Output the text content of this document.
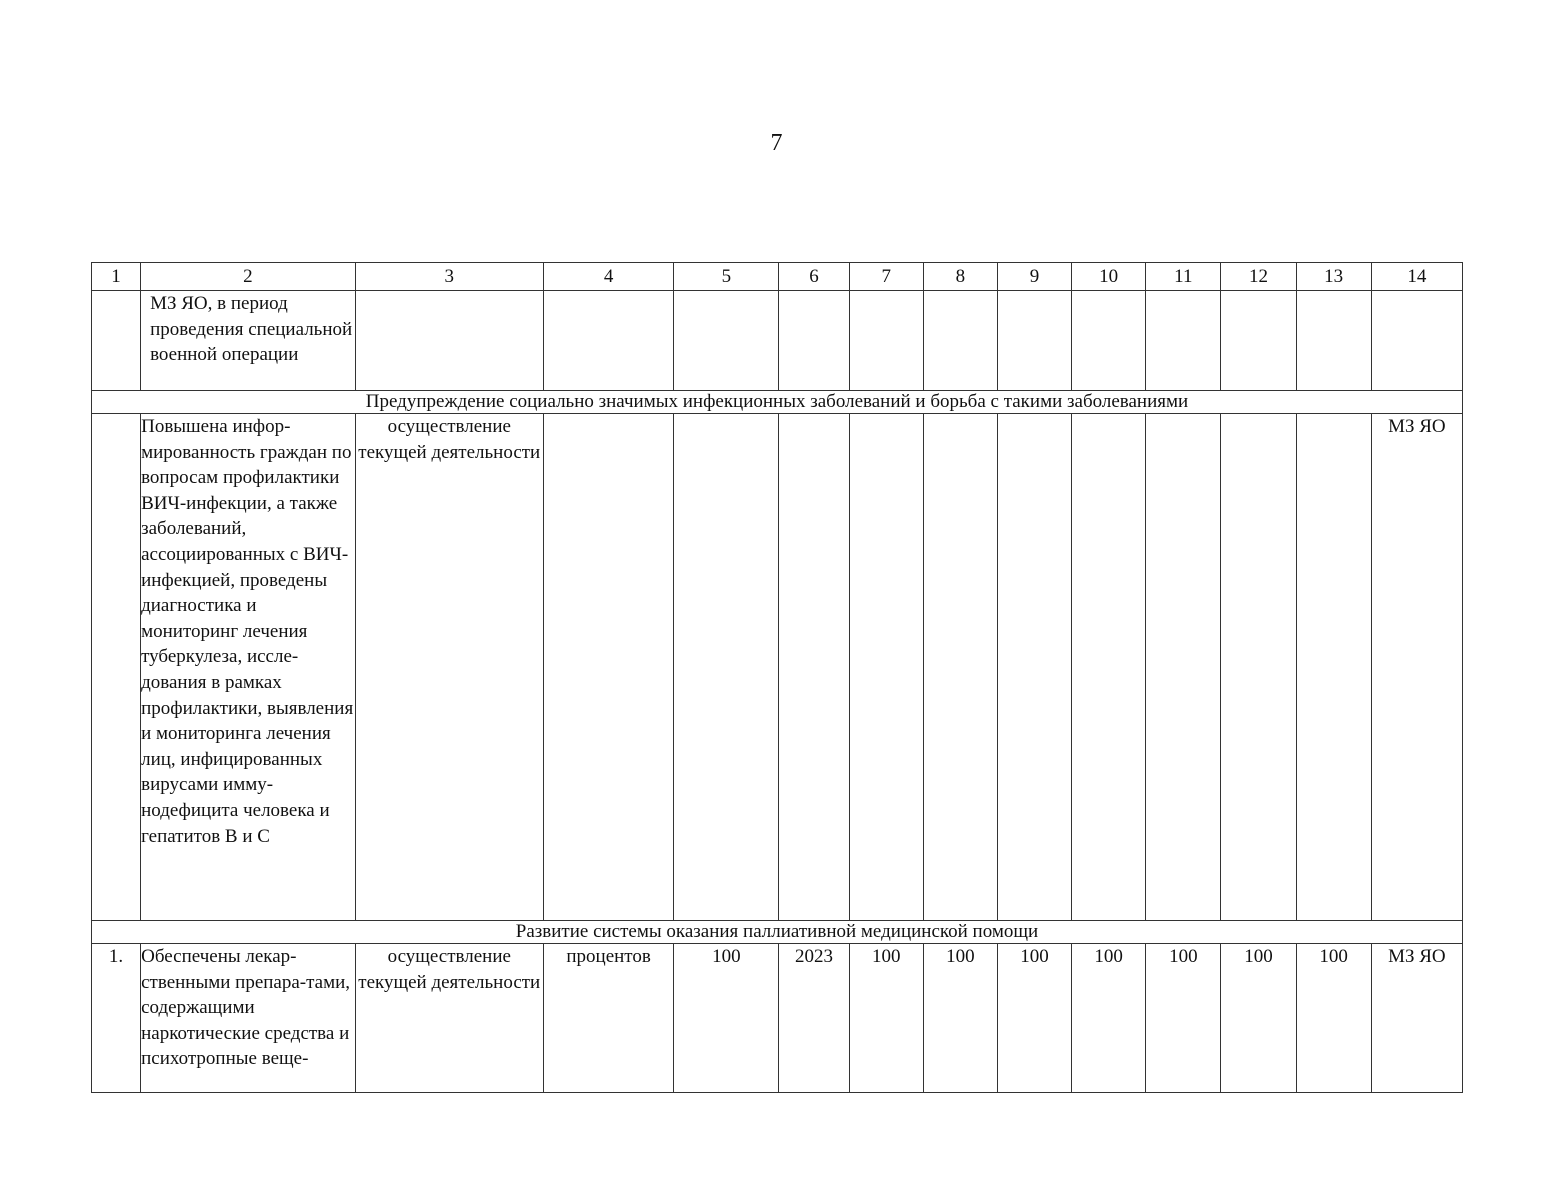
7
1	2	3	4	5	6	7	8	9	10	11	12	13	14
	МЗ ЯО, в период проведения специальной военной операции												
Предупреждение социально значимых инфекционных заболеваний и борьба с такими заболеваниями													
	Повышена инфор-мированность граждан по вопросам профилактики ВИЧ-инфекции, а также заболеваний, ассоциированных с ВИЧ-инфекцией, проведены диагностика и мониторинг лечения туберкулеза, иссле-дования в рамках профилактики, выявления и мониторинга лечения лиц, инфицированных вирусами имму-нодефицита человека и гепатитов В и С	осуществление текущей деятельности											МЗ ЯО
Развитие системы оказания паллиативной медицинской помощи													
1.	Обеспечены лекар-ственными препара-тами, содержащими наркотические средства и психотропные веще-	осуществление текущей деятельности	процентов	100	2023	100	100	100	100	100	100	100	МЗ ЯО
